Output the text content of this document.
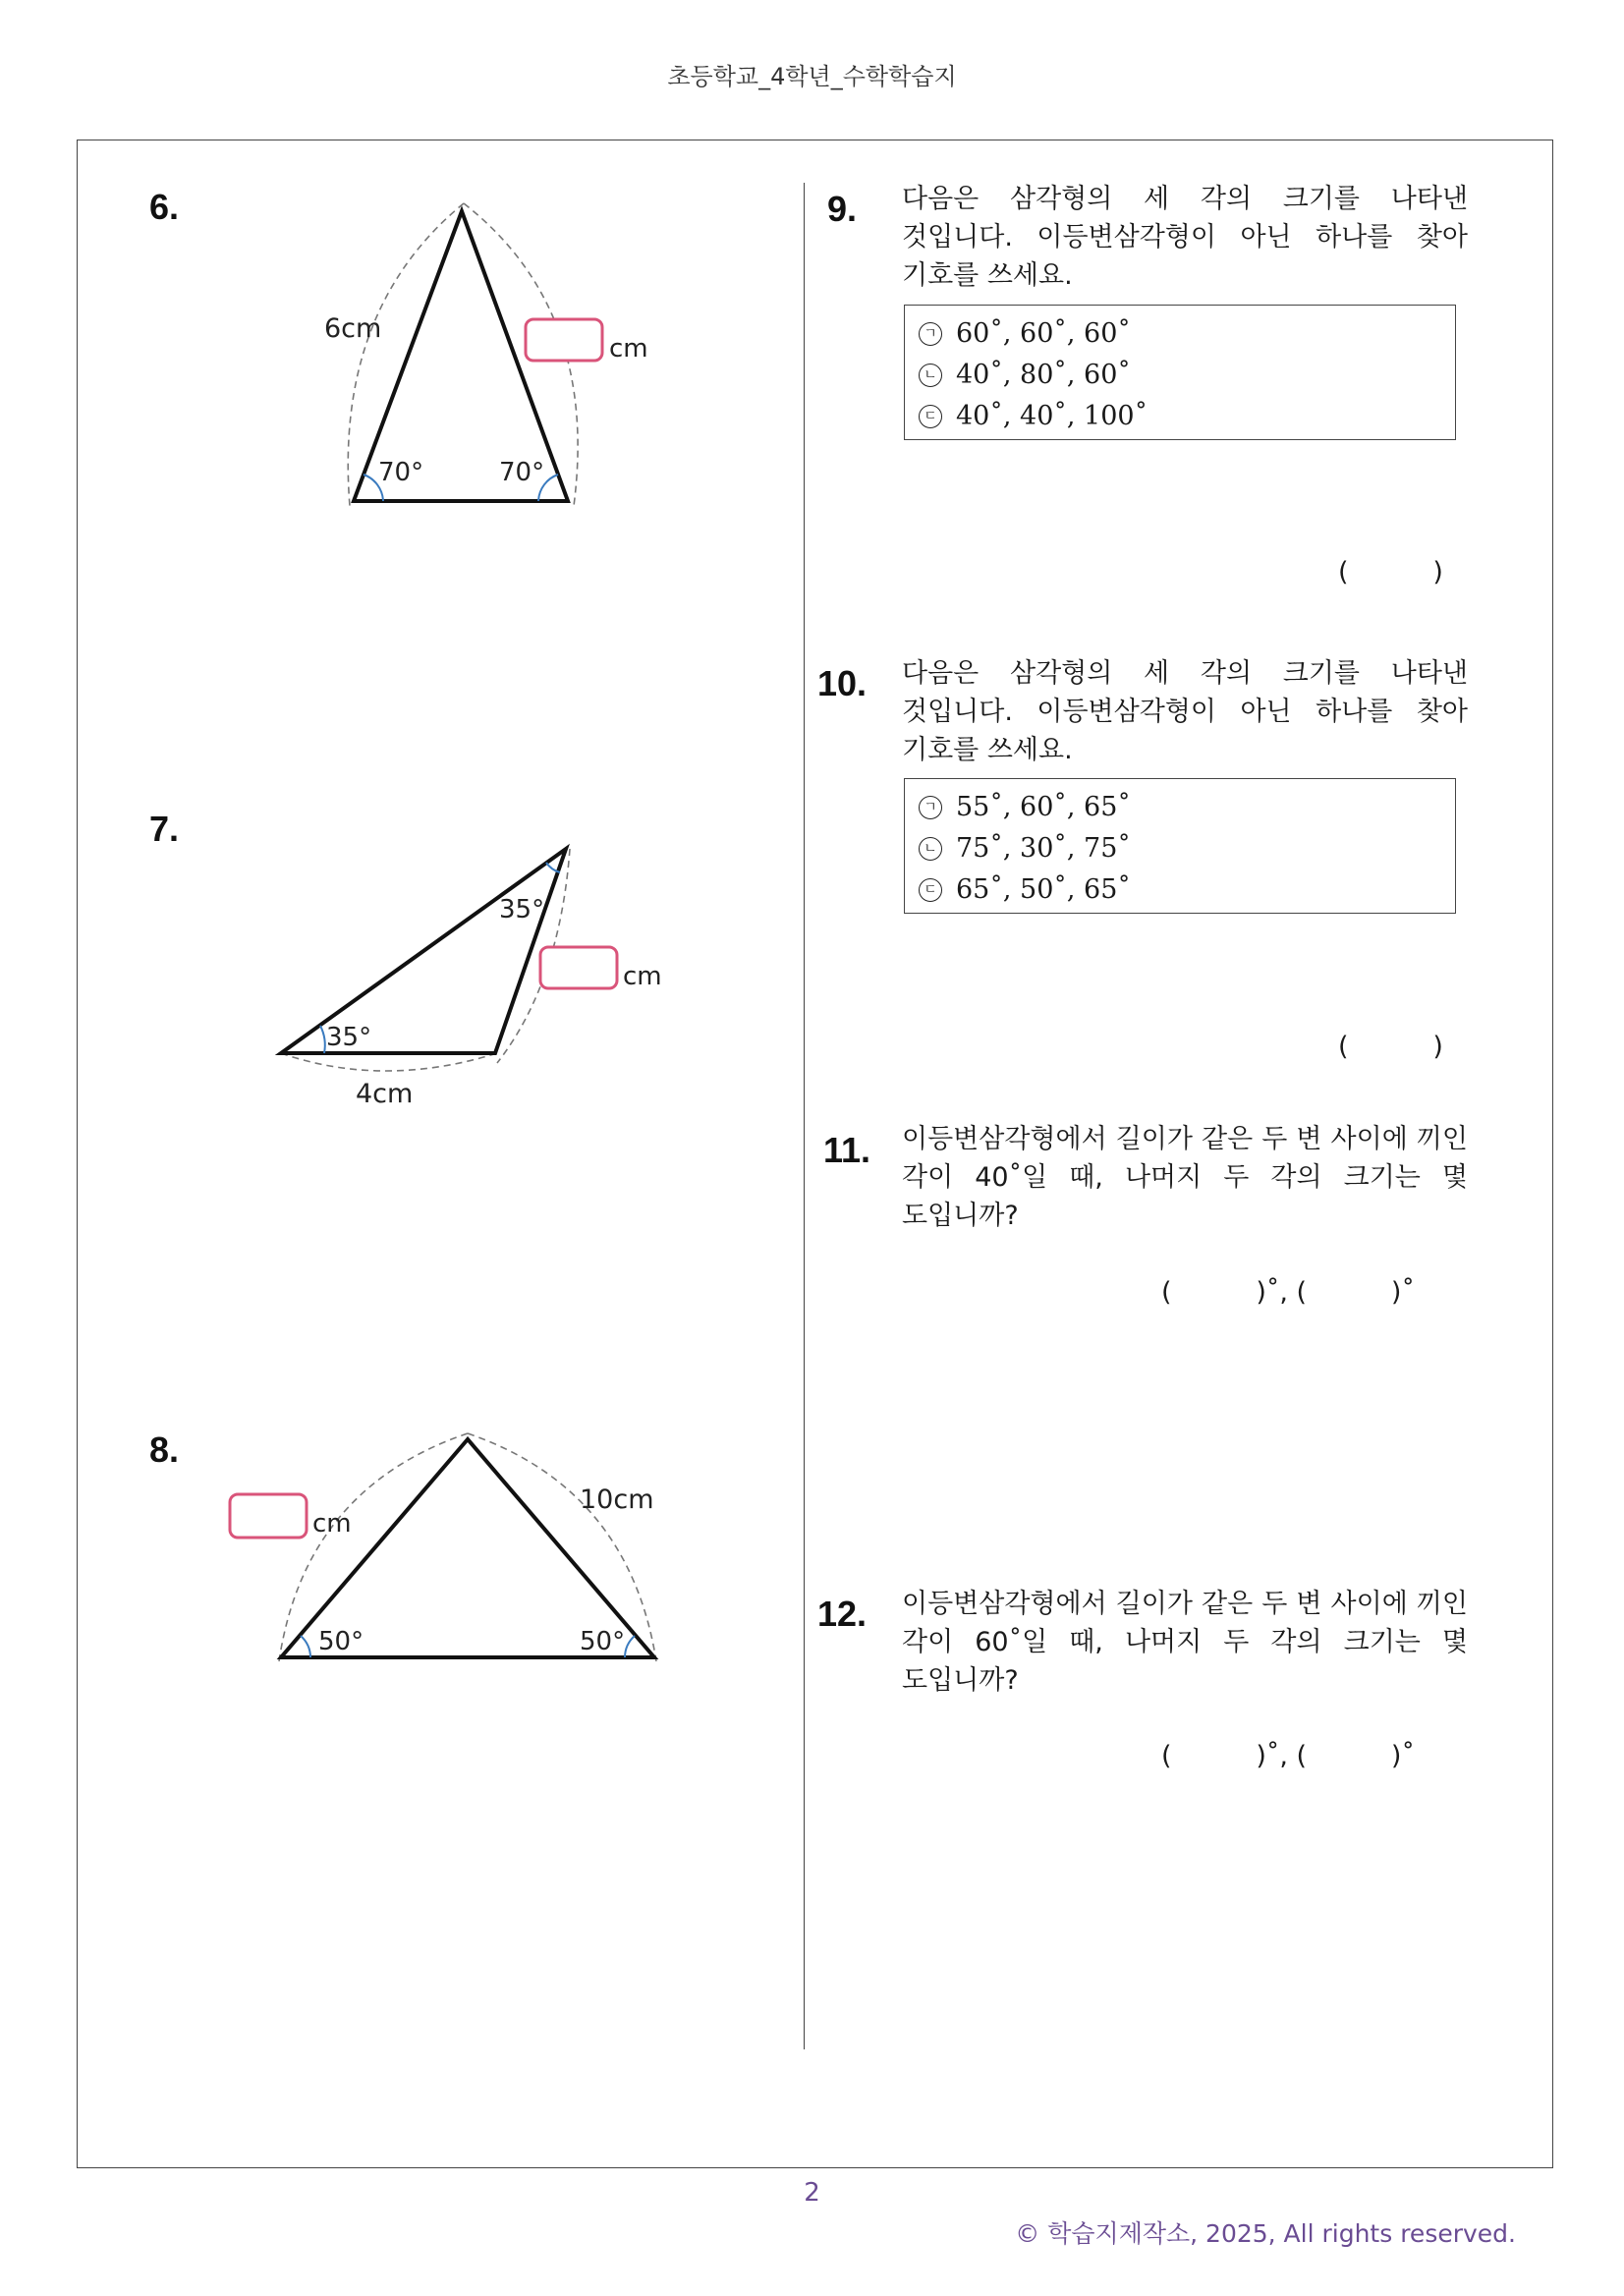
초등학교_4학년_수학학습지
6.
6cm
70°	70°
cm
7.
35°
35°
4cm
cm
8.
50°	50°
cm
10cm
9. 다음은 삼각형의 세 각의 크기를 나타낸 것입니다. 이등변삼각형이 아닌 하나를 찾아 기호를 쓰세요.
ㄱ 60˚, 60˚, 60˚
ㄴ 40˚, 80˚, 60˚
ㄷ 40˚, 40˚, 100˚
(          )
10. 다음은 삼각형의 세 각의 크기를 나타낸 것입니다. 이등변삼각형이 아닌 하나를 찾아 기호를 쓰세요.
ㄱ 55˚, 60˚, 65˚
ㄴ 75˚, 30˚, 75˚
ㄷ 65˚, 50˚, 65˚
(          )
11. 이등변삼각형에서 길이가 같은 두 변 사이에 끼인 각이 40˚일 때, 나머지 두 각의 크기는 몇 도입니까?
(          )˚, (          )˚
12. 이등변삼각형에서 길이가 같은 두 변 사이에 끼인 각이 60˚일 때, 나머지 두 각의 크기는 몇 도입니까?
(          )˚, (          )˚
2
© 학습지제작소, 2025, All rights reserved.
